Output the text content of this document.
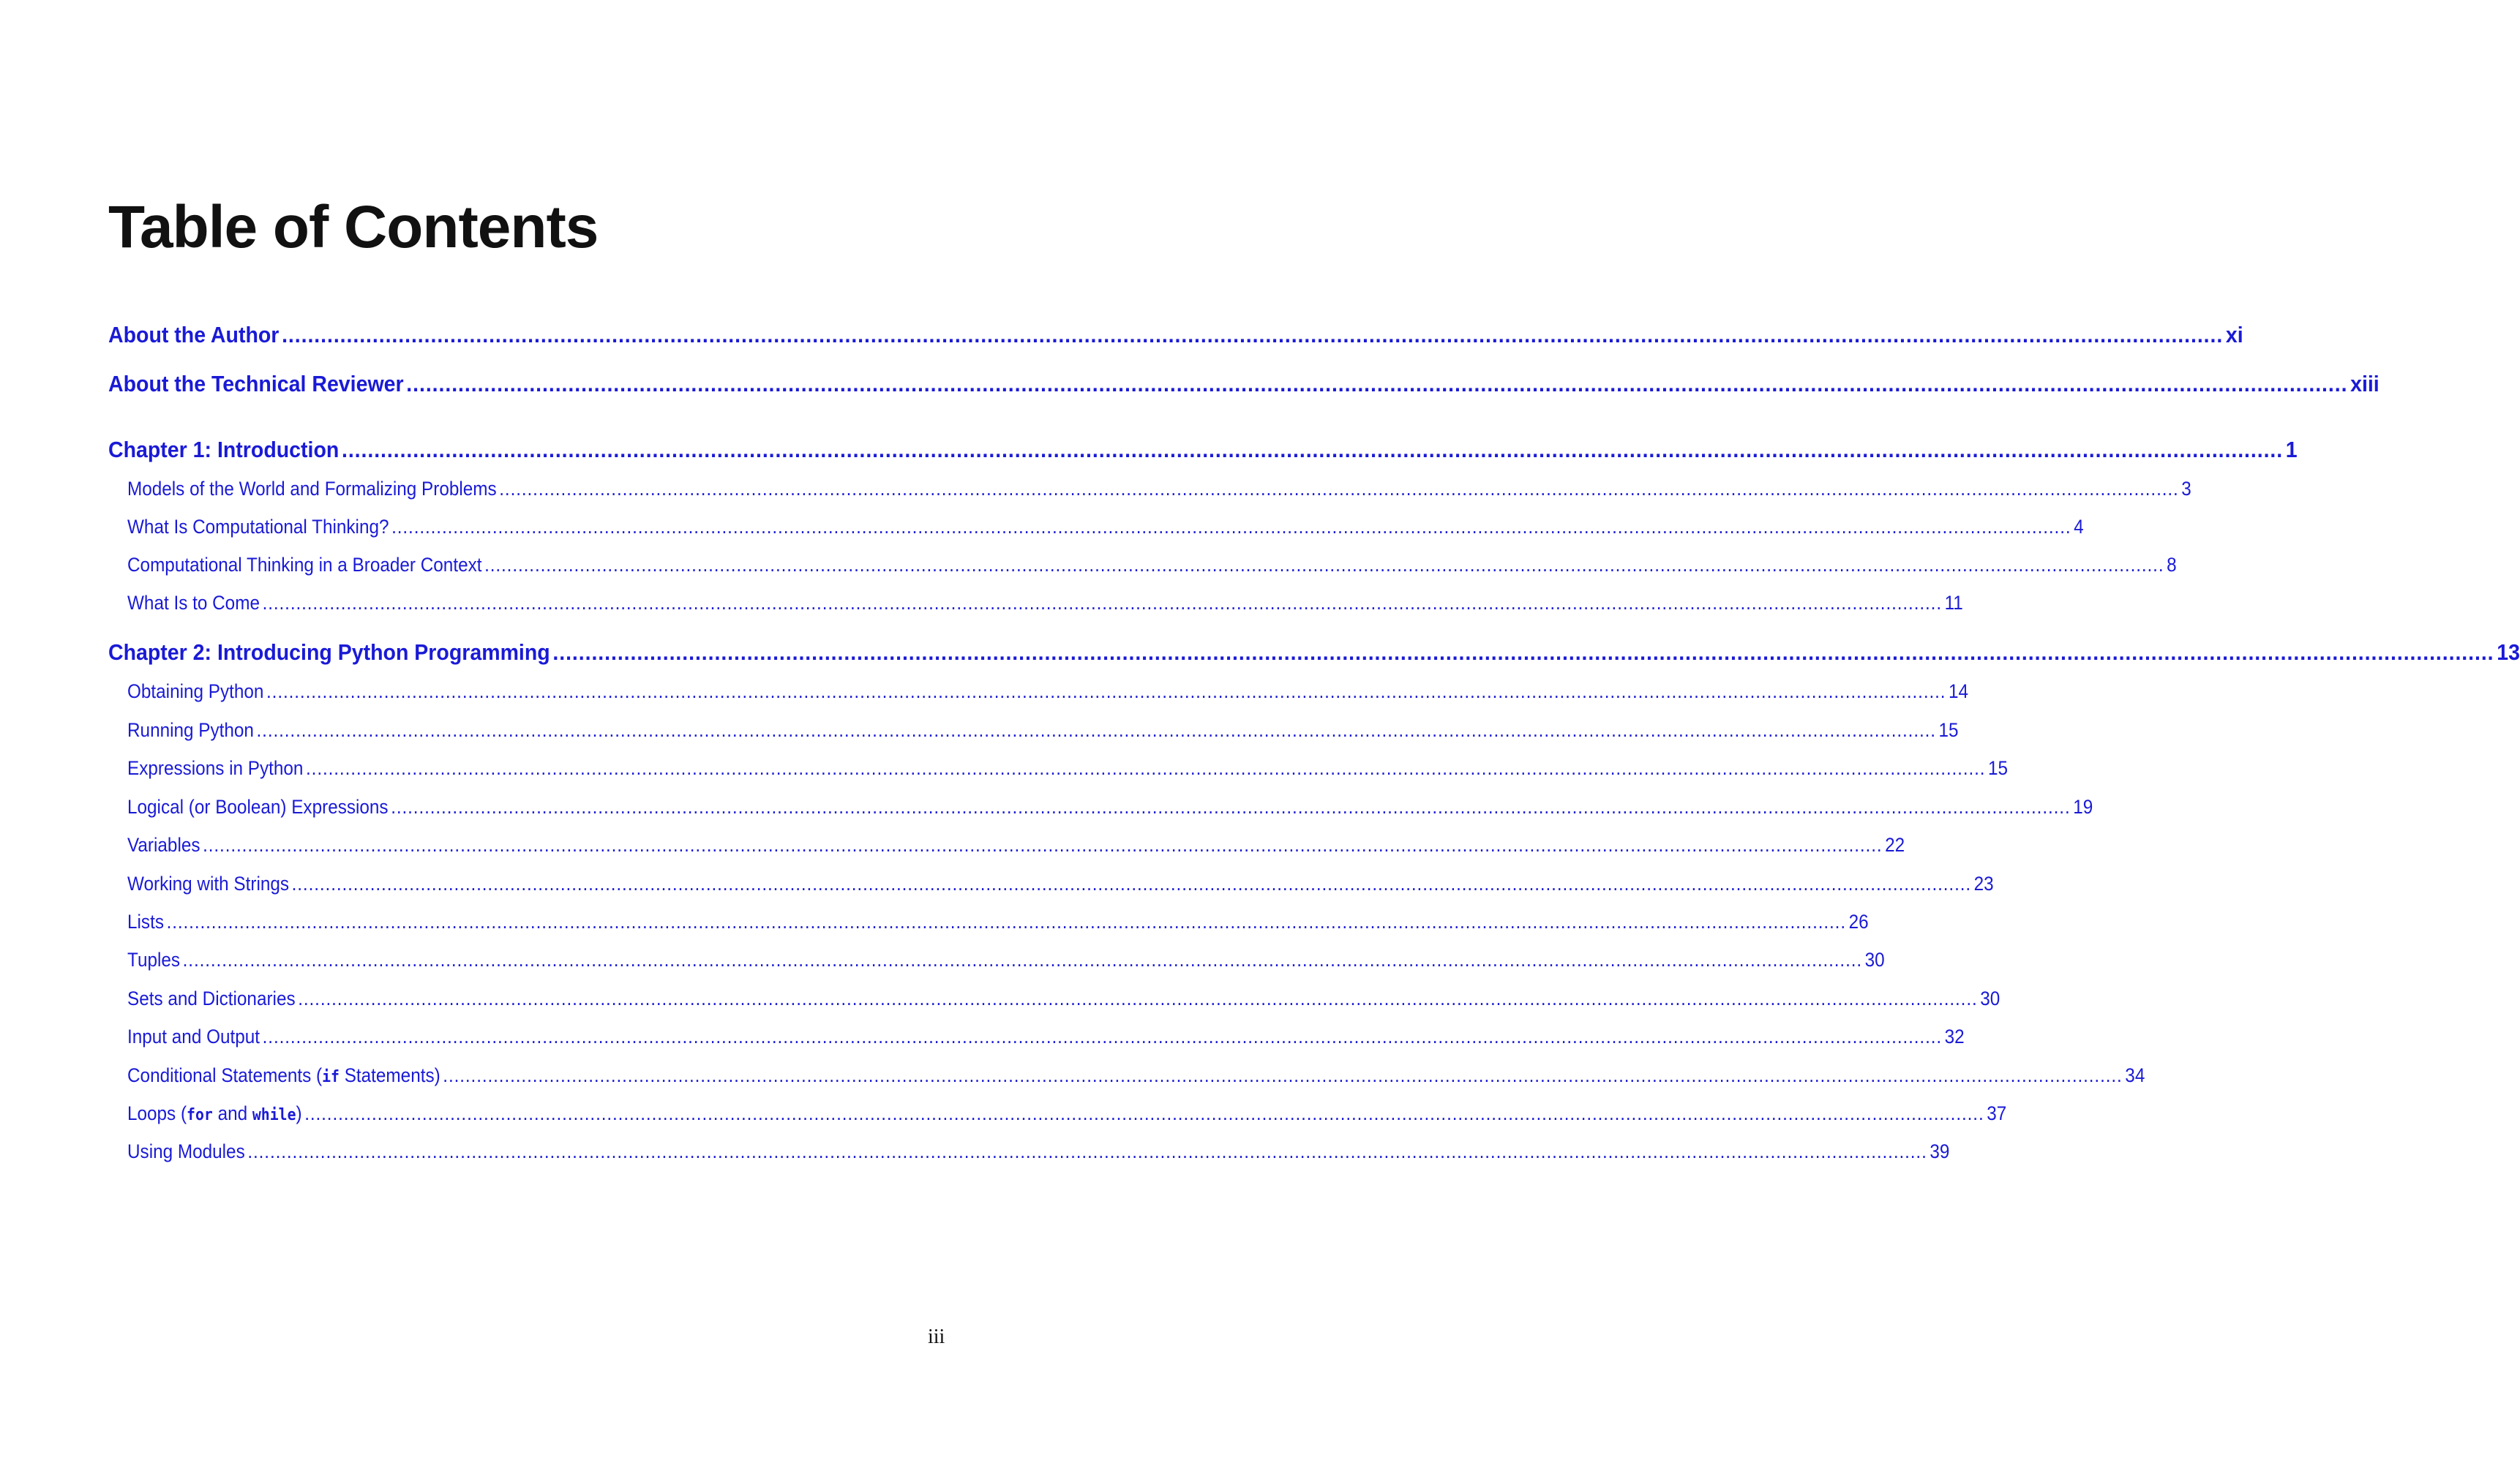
Table of Contents
About the Author ............................................................................................................................................................................................................................................................................................................ xi
About the Technical Reviewer ............................................................................................................................................................................................................................................................................................................ xiii
Chapter 1: Introduction ............................................................................................................................................................................................................................................................................................................ 1
Models of the World and Formalizing Problems ............................................................................................................................................................................................................................................................................................................ 3
What Is Computational Thinking? ............................................................................................................................................................................................................................................................................................................ 4
Computational Thinking in a Broader Context ............................................................................................................................................................................................................................................................................................................ 8
What Is to Come ............................................................................................................................................................................................................................................................................................................ 11
Chapter 2: Introducing Python Programming ............................................................................................................................................................................................................................................................................................................ 13
Obtaining Python ............................................................................................................................................................................................................................................................................................................ 14
Running Python ............................................................................................................................................................................................................................................................................................................ 15
Expressions in Python ............................................................................................................................................................................................................................................................................................................ 15
Logical (or Boolean) Expressions ............................................................................................................................................................................................................................................................................................................ 19
Variables ............................................................................................................................................................................................................................................................................................................ 22
Working with Strings ............................................................................................................................................................................................................................................................................................................ 23
Lists ............................................................................................................................................................................................................................................................................................................ 26
Tuples ............................................................................................................................................................................................................................................................................................................ 30
Sets and Dictionaries ............................................................................................................................................................................................................................................................................................................ 30
Input and Output ............................................................................................................................................................................................................................................................................................................ 32
Conditional Statements (if Statements) ............................................................................................................................................................................................................................................................................................................ 34
Loops (for and while) ............................................................................................................................................................................................................................................................................................................ 37
Using Modules ............................................................................................................................................................................................................................................................................................................ 39
iii
